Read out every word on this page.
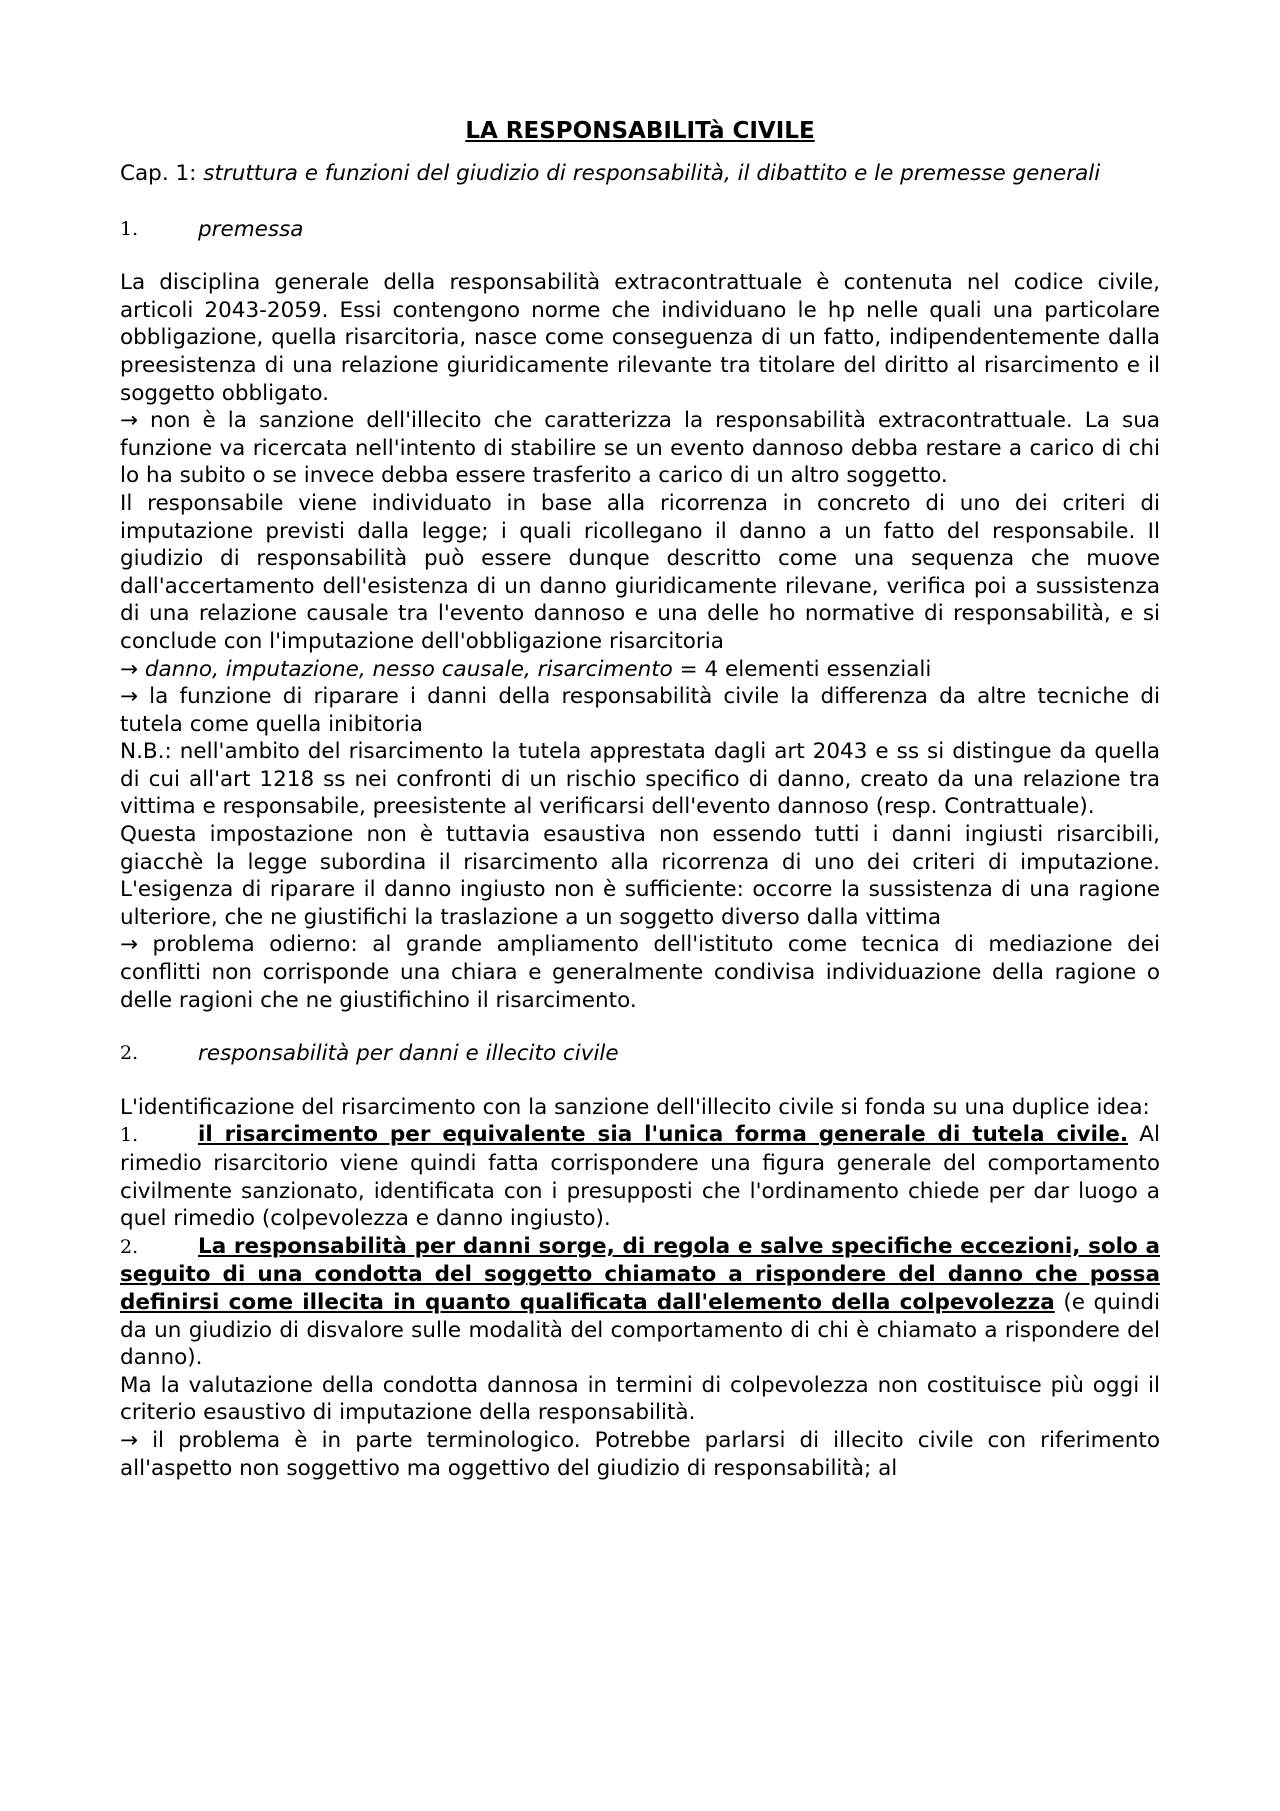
LA RESPONSABILITà CIVILE

Cap. 1: struttura e funzioni del giudizio di responsabilità, il dibattito e le premesse generali

1.	premessa

La disciplina generale della responsabilità extracontrattuale è contenuta nel codice civile, articoli 2043-2059. Essi contengono norme che individuano le hp nelle quali una particolare obbligazione, quella risarcitoria, nasce come conseguenza di un fatto, indipendentemente dalla preesistenza di una relazione giuridicamente rilevante tra titolare del diritto al risarcimento e il soggetto obbligato.

→ non è la sanzione dell'illecito che caratterizza la responsabilità extracontrattuale. La sua funzione va ricercata nell'intento di stabilire se un evento dannoso debba restare a carico di chi lo ha subito o se invece debba essere trasferito a carico di un altro soggetto.

Il responsabile viene individuato in base alla ricorrenza in concreto di uno dei criteri di imputazione previsti dalla legge; i quali ricollegano il danno a un fatto del responsabile. Il giudizio di responsabilità può essere dunque descritto come una sequenza che muove dall'accertamento dell'esistenza di un danno giuridicamente rilevane, verifica poi a sussistenza di una relazione causale tra l'evento dannoso e una delle ho normative di responsabilità, e si conclude con l'imputazione dell'obbligazione risarcitoria

→ danno, imputazione, nesso causale, risarcimento = 4 elementi essenziali

→ la funzione di riparare i danni della responsabilità civile la differenza da altre tecniche di tutela come quella inibitoria

N.B.: nell'ambito del risarcimento la tutela apprestata dagli art 2043 e ss si distingue da quella di cui all'art 1218 ss nei confronti di un rischio specifico di danno, creato da una relazione tra vittima e responsabile, preesistente al verificarsi dell'evento dannoso (resp. Contrattuale).

Questa impostazione non è tuttavia esaustiva non essendo tutti i danni ingiusti risarcibili, giacchè la legge subordina il risarcimento alla ricorrenza di uno dei criteri di imputazione. L'esigenza di riparare il danno ingiusto non è sufficiente: occorre la sussistenza di una ragione ulteriore, che ne giustifichi la traslazione a un soggetto diverso dalla vittima

→ problema odierno: al grande ampliamento dell'istituto come tecnica di mediazione dei conflitti non corrisponde una chiara e generalmente condivisa individuazione della ragione o delle ragioni che ne giustifichino il risarcimento.

2.	responsabilità per danni e illecito civile

L'identificazione del risarcimento con la sanzione dell'illecito civile si fonda su una duplice idea:

1.	il risarcimento per equivalente sia l'unica forma generale di tutela civile. Al rimedio risarcitorio viene quindi fatta corrispondere una figura generale del comportamento civilmente sanzionato, identificata con i presupposti che l'ordinamento chiede per dar luogo a quel rimedio (colpevolezza e danno ingiusto).

2.	La responsabilità per danni sorge, di regola e salve specifiche eccezioni, solo a seguito di una condotta del soggetto chiamato a rispondere del danno che possa definirsi come illecita in quanto qualificata dall'elemento della colpevolezza (e quindi da un giudizio di disvalore sulle modalità del comportamento di chi è chiamato a rispondere del danno).

Ma la valutazione della condotta dannosa in termini di colpevolezza non costituisce più oggi il criterio esaustivo di imputazione della responsabilità.

→ il problema è in parte terminologico. Potrebbe parlarsi di illecito civile con riferimento all'aspetto non soggettivo ma oggettivo del giudizio di responsabilità; al
